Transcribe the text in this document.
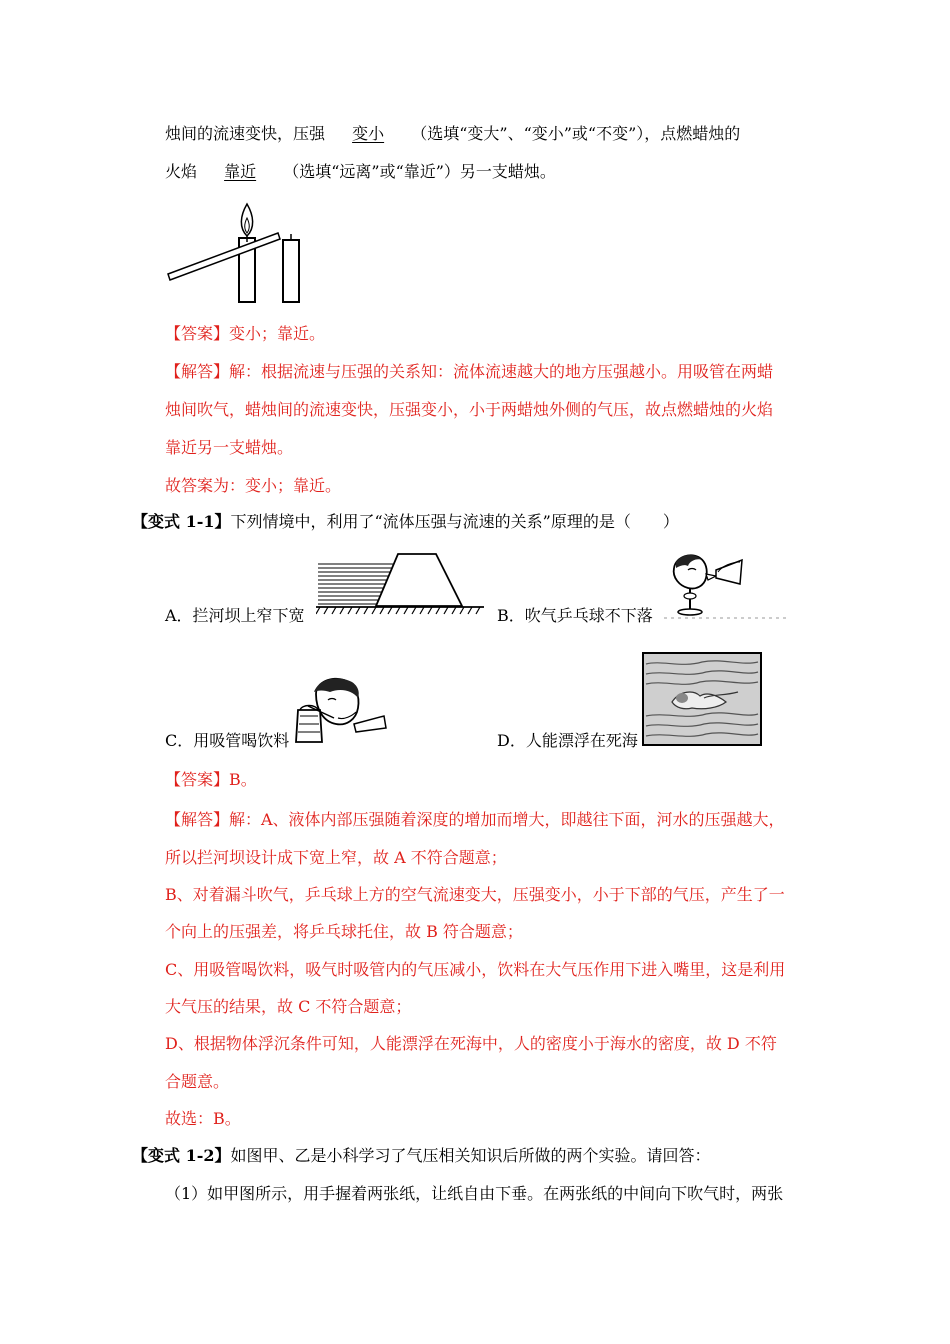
烛间的流速变快，压强 变小 （选填“变大”、“变小”或“不变”），点燃蜡烛的
火焰 靠近 （选填“远离”或“靠近”）另一支蜡烛。
【答案】变小；靠近。
【解答】解：根据流速与压强的关系知：流体流速越大的地方压强越小。用吸管在两蜡
烛间吹气，蜡烛间的流速变快，压强变小，小于两蜡烛外侧的气压，故点燃蜡烛的火焰
靠近另一支蜡烛。
故答案为：变小；靠近。
【变式 1-1】下列情境中，利用了“流体压强与流速的关系”原理的是（　　）
A．拦河坝上窄下宽	B．吹气乒乓球不下落
C．用吸管喝饮料	D．人能漂浮在死海
【答案】B。
【解答】解：A、液体内部压强随着深度的增加而增大，即越往下面，河水的压强越大，
所以拦河坝设计成下宽上窄，故 A 不符合题意；
B、对着漏斗吹气，乒乓球上方的空气流速变大，压强变小，小于下部的气压，产生了一
个向上的压强差，将乒乓球托住，故 B 符合题意；
C、用吸管喝饮料，吸气时吸管内的气压减小，饮料在大气压作用下进入嘴里，这是利用
大气压的结果，故 C 不符合题意；
D、根据物体浮沉条件可知，人能漂浮在死海中，人的密度小于海水的密度，故 D 不符
合题意。
故选：B。
【变式 1-2】如图甲、乙是小科学习了气压相关知识后所做的两个实验。请回答：
（1）如甲图所示，用手握着两张纸，让纸自由下垂。在两张纸的中间向下吹气时，两张
